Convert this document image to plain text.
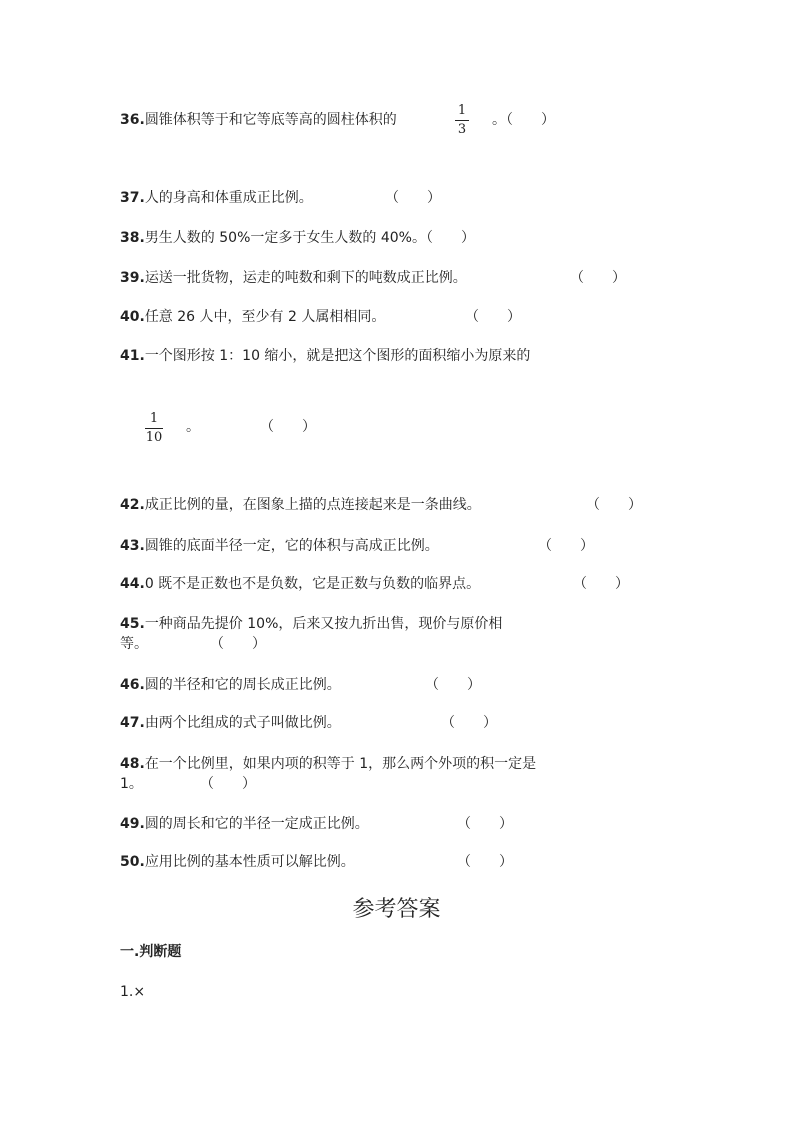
36.圆锥体积等于和它等底等高的圆柱体积的
1
3
。（　　）
37.人的身高和体重成正比例。	（　　）
38.男生人数的 50%一定多于女生人数的 40%。（　　）
39.运送一批货物，运走的吨数和剩下的吨数成正比例。	（　　）
40.任意 26 人中，至少有 2 人属相相同。	（　　）
41.一个图形按 1：10 缩小，就是把这个图形的面积缩小为原来的
1
10
。	（　　）
42.成正比例的量，在图象上描的点连接起来是一条曲线。	（　　）
43.圆锥的底面半径一定，它的体积与高成正比例。	（　　）
44.0 既不是正数也不是负数，它是正数与负数的临界点。	（　　）
45.一种商品先提价 10%，后来又按九折出售，现价与原价相
等。	（　　）
46.圆的半径和它的周长成正比例。	（　　）
47.由两个比组成的式子叫做比例。	（　　）
48.在一个比例里，如果内项的积等于 1，那么两个外项的积一定是
1。	（　　）
49.圆的周长和它的半径一定成正比例。	（　　）
50.应用比例的基本性质可以解比例。	（　　）
参考答案
一.判断题
1.×
